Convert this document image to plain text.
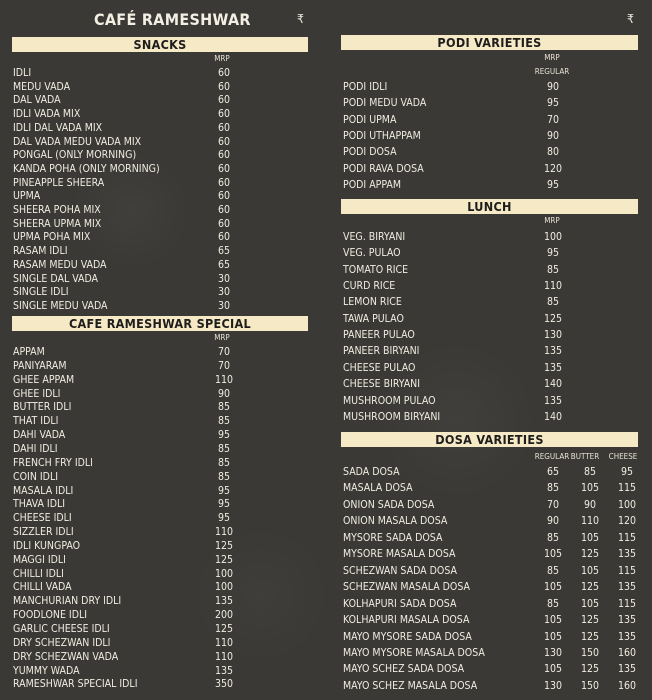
CAFÉ RAMESHWAR	₹	₹
SNACKS
MRP
IDLI	60
MEDU VADA	60
DAL VADA	60
IDLI VADA MIX	60
IDLI DAL VADA MIX	60
DAL VADA MEDU VADA MIX	60
PONGAL (ONLY MORNING)	60
KANDA POHA (ONLY MORNING)	60
PINEAPPLE SHEERA	60
UPMA	60
SHEERA POHA MIX	60
SHEERA UPMA MIX	60
UPMA POHA MIX	60
RASAM IDLI	65
RASAM MEDU VADA	65
SINGLE DAL VADA	30
SINGLE IDLI	30
SINGLE MEDU VADA	30
CAFE RAMESHWAR SPECIAL
MRP
APPAM	70
PANIYARAM	70
GHEE APPAM	110
GHEE IDLI	90
BUTTER IDLI	85
THAT IDLI	85
DAHI VADA	95
DAHI IDLI	85
FRENCH FRY IDLI	85
COIN IDLI	85
MASALA IDLI	95
THAVA IDLI	95
CHEESE IDLI	95
SIZZLER IDLI	110
IDLI KUNGPAO	125
MAGGI IDLI	125
CHILLI IDLI	100
CHILLI VADA	100
MANCHURIAN DRY IDLI	135
FOODLONE IDLI	200
GARLIC CHEESE IDLI	125
DRY SCHEZWAN IDLI	110
DRY SCHEZWAN VADA	110
YUMMY WADA	135
RAMESHWAR SPECIAL IDLI	350
PODI VARIETIES
MRP
REGULAR
PODI IDLI	90
PODI MEDU VADA	95
PODI UPMA	70
PODI UTHAPPAM	90
PODI DOSA	80
PODI RAVA DOSA	120
PODI APPAM	95
LUNCH
MRP
VEG. BIRYANI	100
VEG. PULAO	95
TOMATO RICE	85
CURD RICE	110
LEMON RICE	85
TAWA PULAO	125
PANEER PULAO	130
PANEER BIRYANI	135
CHEESE PULAO	135
CHEESE BIRYANI	140
MUSHROOM PULAO	135
MUSHROOM BIRYANI	140
DOSA VARIETIES
REGULAR BUTTER	CHEESE
SADA DOSA	65	85	95
MASALA DOSA	85	105	115
ONION SADA DOSA	70	90	100
ONION MASALA DOSA	90	110	120
MYSORE SADA DOSA	85	105	115
MYSORE MASALA DOSA	105	125	135
SCHEZWAN SADA DOSA	85	105	115
SCHEZWAN MASALA DOSA	105	125	135
KOLHAPURI SADA DOSA	85	105	115
KOLHAPURI MASALA DOSA	105	125	135
MAYO MYSORE SADA DOSA	105	125	135
MAYO MYSORE MASALA DOSA	130	150	160
MAYO SCHEZ SADA DOSA	105	125	135
MAYO SCHEZ MASALA DOSA	130	150	160
